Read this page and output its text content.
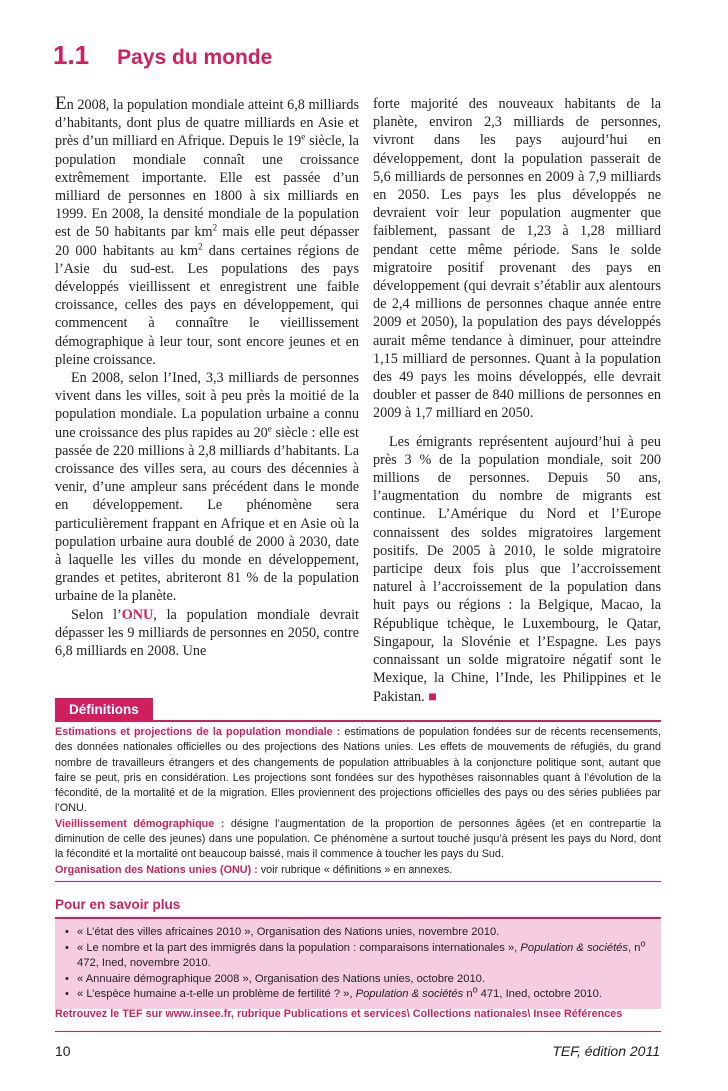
1.1 Pays du monde

En 2008, la population mondiale atteint 6,8 milliards d’habitants, dont plus de quatre milliards en Asie et près d’un milliard en Afrique. Depuis le 19e siècle, la population mondiale connaît une croissance extrêmement importante. Elle est passée d’un milliard de personnes en 1800 à six milliards en 1999. En 2008, la densité mondiale de la population est de 50 habitants par $km^2$ mais elle peut dépasser 20 000 habitants au $km^2$ dans certaines régions de l’Asie du sud-est. Les populations des pays développés vieillissent et enregistrent une faible croissance, celles des pays en développement, qui commencent à connaître le vieillissement démographique à leur tour, sont encore jeunes et en pleine croissance.

En 2008, selon l’Ined, 3,3 milliards de personnes vivent dans les villes, soit à peu près la moitié de la population mondiale. La population urbaine a connu une croissance des plus rapides au 20e siècle : elle est passée de 220 millions à 2,8 milliards d’habitants. La croissance des villes sera, au cours des décennies à venir, d’une ampleur sans précédent dans le monde en développement. Le phénomène sera particulièrement frappant en Afrique et en Asie où la population urbaine aura doublé de 2000 à 2030, date à laquelle les villes du monde en développement, grandes et petites, abriteront 81 % de la population urbaine de la planète.

Selon l’ONU, la population mondiale devrait dépasser les 9 milliards de personnes en 2050, contre 6,8 milliards en 2008. Une

forte majorité des nouveaux habitants de la planète, environ 2,3 milliards de personnes, vivront dans les pays aujourd’hui en développement, dont la population passerait de 5,6 milliards de personnes en 2009 à 7,9 milliards en 2050. Les pays les plus développés ne devraient voir leur population augmenter que faiblement, passant de 1,23 à 1,28 milliard pendant cette même période. Sans le solde migratoire positif provenant des pays en développement (qui devrait s’établir aux alentours de 2,4 millions de personnes chaque année entre 2009 et 2050), la population des pays développés aurait même tendance à diminuer, pour atteindre 1,15 milliard de personnes. Quant à la population des 49 pays les moins développés, elle devrait doubler et passer de 840 millions de personnes en 2009 à 1,7 milliard en 2050.

Les émigrants représentent aujourd’hui à peu près 3 % de la population mondiale, soit 200 millions de personnes. Depuis 50 ans, l’augmentation du nombre de migrants est continue. L’Amérique du Nord et l’Europe connaissent des soldes migratoires largement positifs. De 2005 à 2010, le solde migratoire participe deux fois plus que l’accroissement naturel à l’accroissement de la population dans huit pays ou régions : la Belgique, Macao, la République tchèque, le Luxembourg, le Qatar, Singapour, la Slovénie et l’Espagne. Les pays connaissant un solde migratoire négatif sont le Mexique, la Chine, l’Inde, les Philippines et le Pakistan. ■

Définitions

Estimations et projections de la population mondiale : estimations de population fondées sur de récents recensements, des données nationales officielles ou des projections des Nations unies. Les effets de mouvements de réfugiés, du grand nombre de travailleurs étrangers et des changements de population attribuables à la conjoncture politique sont, autant que faire se peut, pris en considération. Les projections sont fondées sur des hypothèses raisonnables quant à l’évolution de la fécondité, de la mortalité et de la migration. Elles proviennent des projections officielles des pays ou des séries publiées par l’ONU.

Vieillissement démographique : désigne l’augmentation de la proportion de personnes âgées (et en contrepartie la diminution de celle des jeunes) dans une population. Ce phénomène a surtout touché jusqu’à présent les pays du Nord, dont la fécondité et la mortalité ont beaucoup baissé, mais il commence à toucher les pays du Sud.

Organisation des Nations unies (ONU) : voir rubrique « définitions » en annexes.

Pour en savoir plus
• « L’état des villes africaines 2010 », Organisation des Nations unies, novembre 2010.
• « Le nombre et la part des immigrés dans la population : comparaisons internationales », Population & sociétés, $n^o$ 472, Ined, novembre 2010.
• « Annuaire démographique 2008 », Organisation des Nations unies, octobre 2010.
• « L’espèce humaine a-t-elle un problème de fertilité ? », Population & sociétés $n^o$ 471, Ined, octobre 2010.
Retrouvez le TEF sur www.insee.fr, rubrique Publications et services\ Collections nationales\ Insee Références
10	TEF, édition 2011
